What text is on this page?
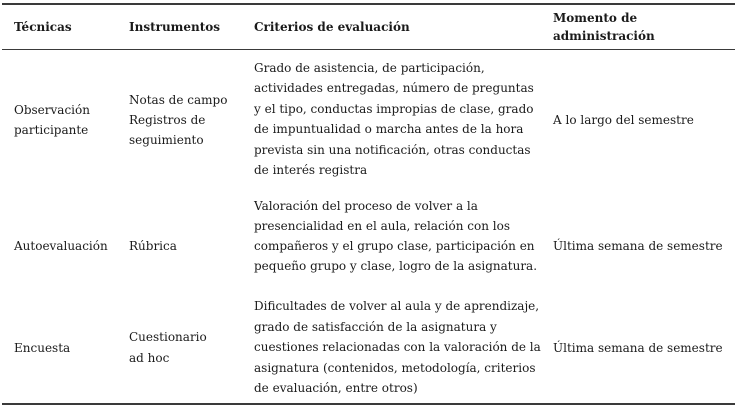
Técnicas	Instrumentos	Criterios de evaluación
Momento de
administración
Observación
participante
Notas de campo
Registros de
seguimiento
Grado de asistencia, de participación,
actividades entregadas, número de preguntas
y el tipo, conductas impropias de clase, grado
de impuntualidad o marcha antes de la hora
prevista sin una notificación, otras conductas
de interés registra
A lo largo del semestre
Autoevaluación Rúbrica
Valoración del proceso de volver a la
presencialidad en el aula, relación con los
compañeros y el grupo clase, participación en
pequeño grupo y clase, logro de la asignatura.
Última semana de semestre
Encuesta
Cuestionario
ad hoc
Dificultades de volver al aula y de aprendizaje,
grado de satisfacción de la asignatura y
cuestiones relacionadas con la valoración de la
asignatura (contenidos, metodología, criterios
de evaluación, entre otros)
Última semana de semestre
